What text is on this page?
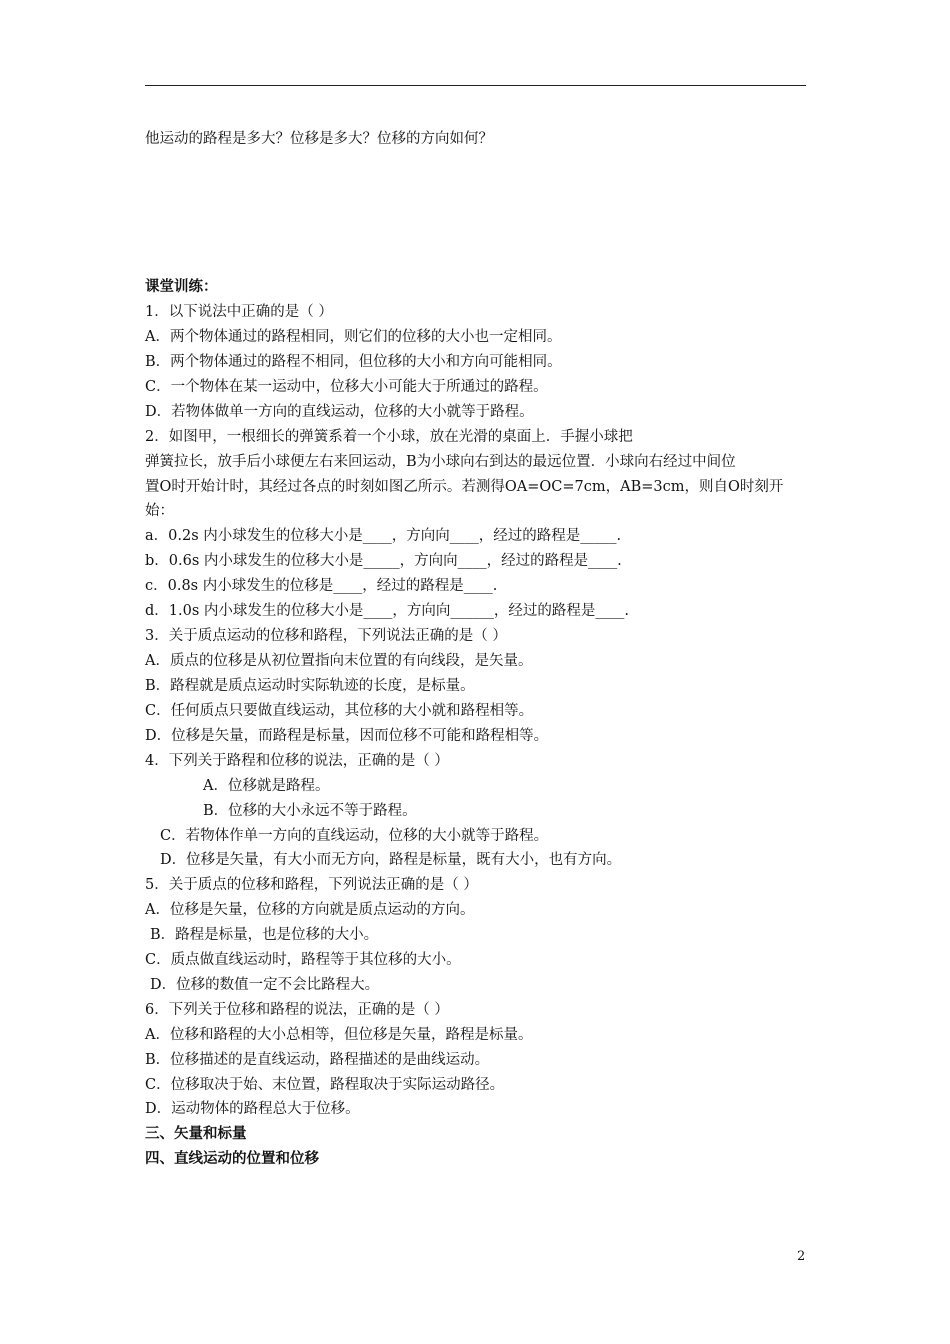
他运动的路程是多大？位移是多大？位移的方向如何？
课堂训练：
1．以下说法中正确的是（ ）
A．两个物体通过的路程相同，则它们的位移的大小也一定相同。
B．两个物体通过的路程不相同，但位移的大小和方向可能相同。
C．一个物体在某一运动中，位移大小可能大于所通过的路程。
D．若物体做单一方向的直线运动，位移的大小就等于路程。
2．如图甲，一根细长的弹簧系着一个小球，放在光滑的桌面上．手握小球把
弹簧拉长，放手后小球便左右来回运动，B为小球向右到达的最远位置．小球向右经过中间位
置O时开始计时，其经过各点的时刻如图乙所示。若测得OA=OC=7cm，AB=3cm，则自O时刻开
始：
a．0.2s 内小球发生的位移大小是____，方向向____，经过的路程是_____.
b．0.6s 内小球发生的位移大小是_____，方向向____，经过的路程是____.
c．0.8s 内小球发生的位移是____，经过的路程是____.
d．1.0s 内小球发生的位移大小是____，方向向______，经过的路程是____.
3．关于质点运动的位移和路程，下列说法正确的是（ ）
A．质点的位移是从初位置指向末位置的有向线段，是矢量。
B．路程就是质点运动时实际轨迹的长度，是标量。
C．任何质点只要做直线运动，其位移的大小就和路程相等。
D．位移是矢量，而路程是标量，因而位移不可能和路程相等。
4．下列关于路程和位移的说法，正确的是（ ）
A．位移就是路程。
B．位移的大小永远不等于路程。
C．若物体作单一方向的直线运动，位移的大小就等于路程。
D．位移是矢量，有大小而无方向，路程是标量，既有大小，也有方向。
5．关于质点的位移和路程，下列说法正确的是（ ）
A．位移是矢量，位移的方向就是质点运动的方向。
B．路程是标量，也是位移的大小。
C．质点做直线运动时，路程等于其位移的大小。
D．位移的数值一定不会比路程大。
6．下列关于位移和路程的说法，正确的是（ ）
A．位移和路程的大小总相等，但位移是矢量，路程是标量。
B．位移描述的是直线运动，路程描述的是曲线运动。
C．位移取决于始、末位置，路程取决于实际运动路径。
D．运动物体的路程总大于位移。
三、矢量和标量
四、直线运动的位置和位移
2
